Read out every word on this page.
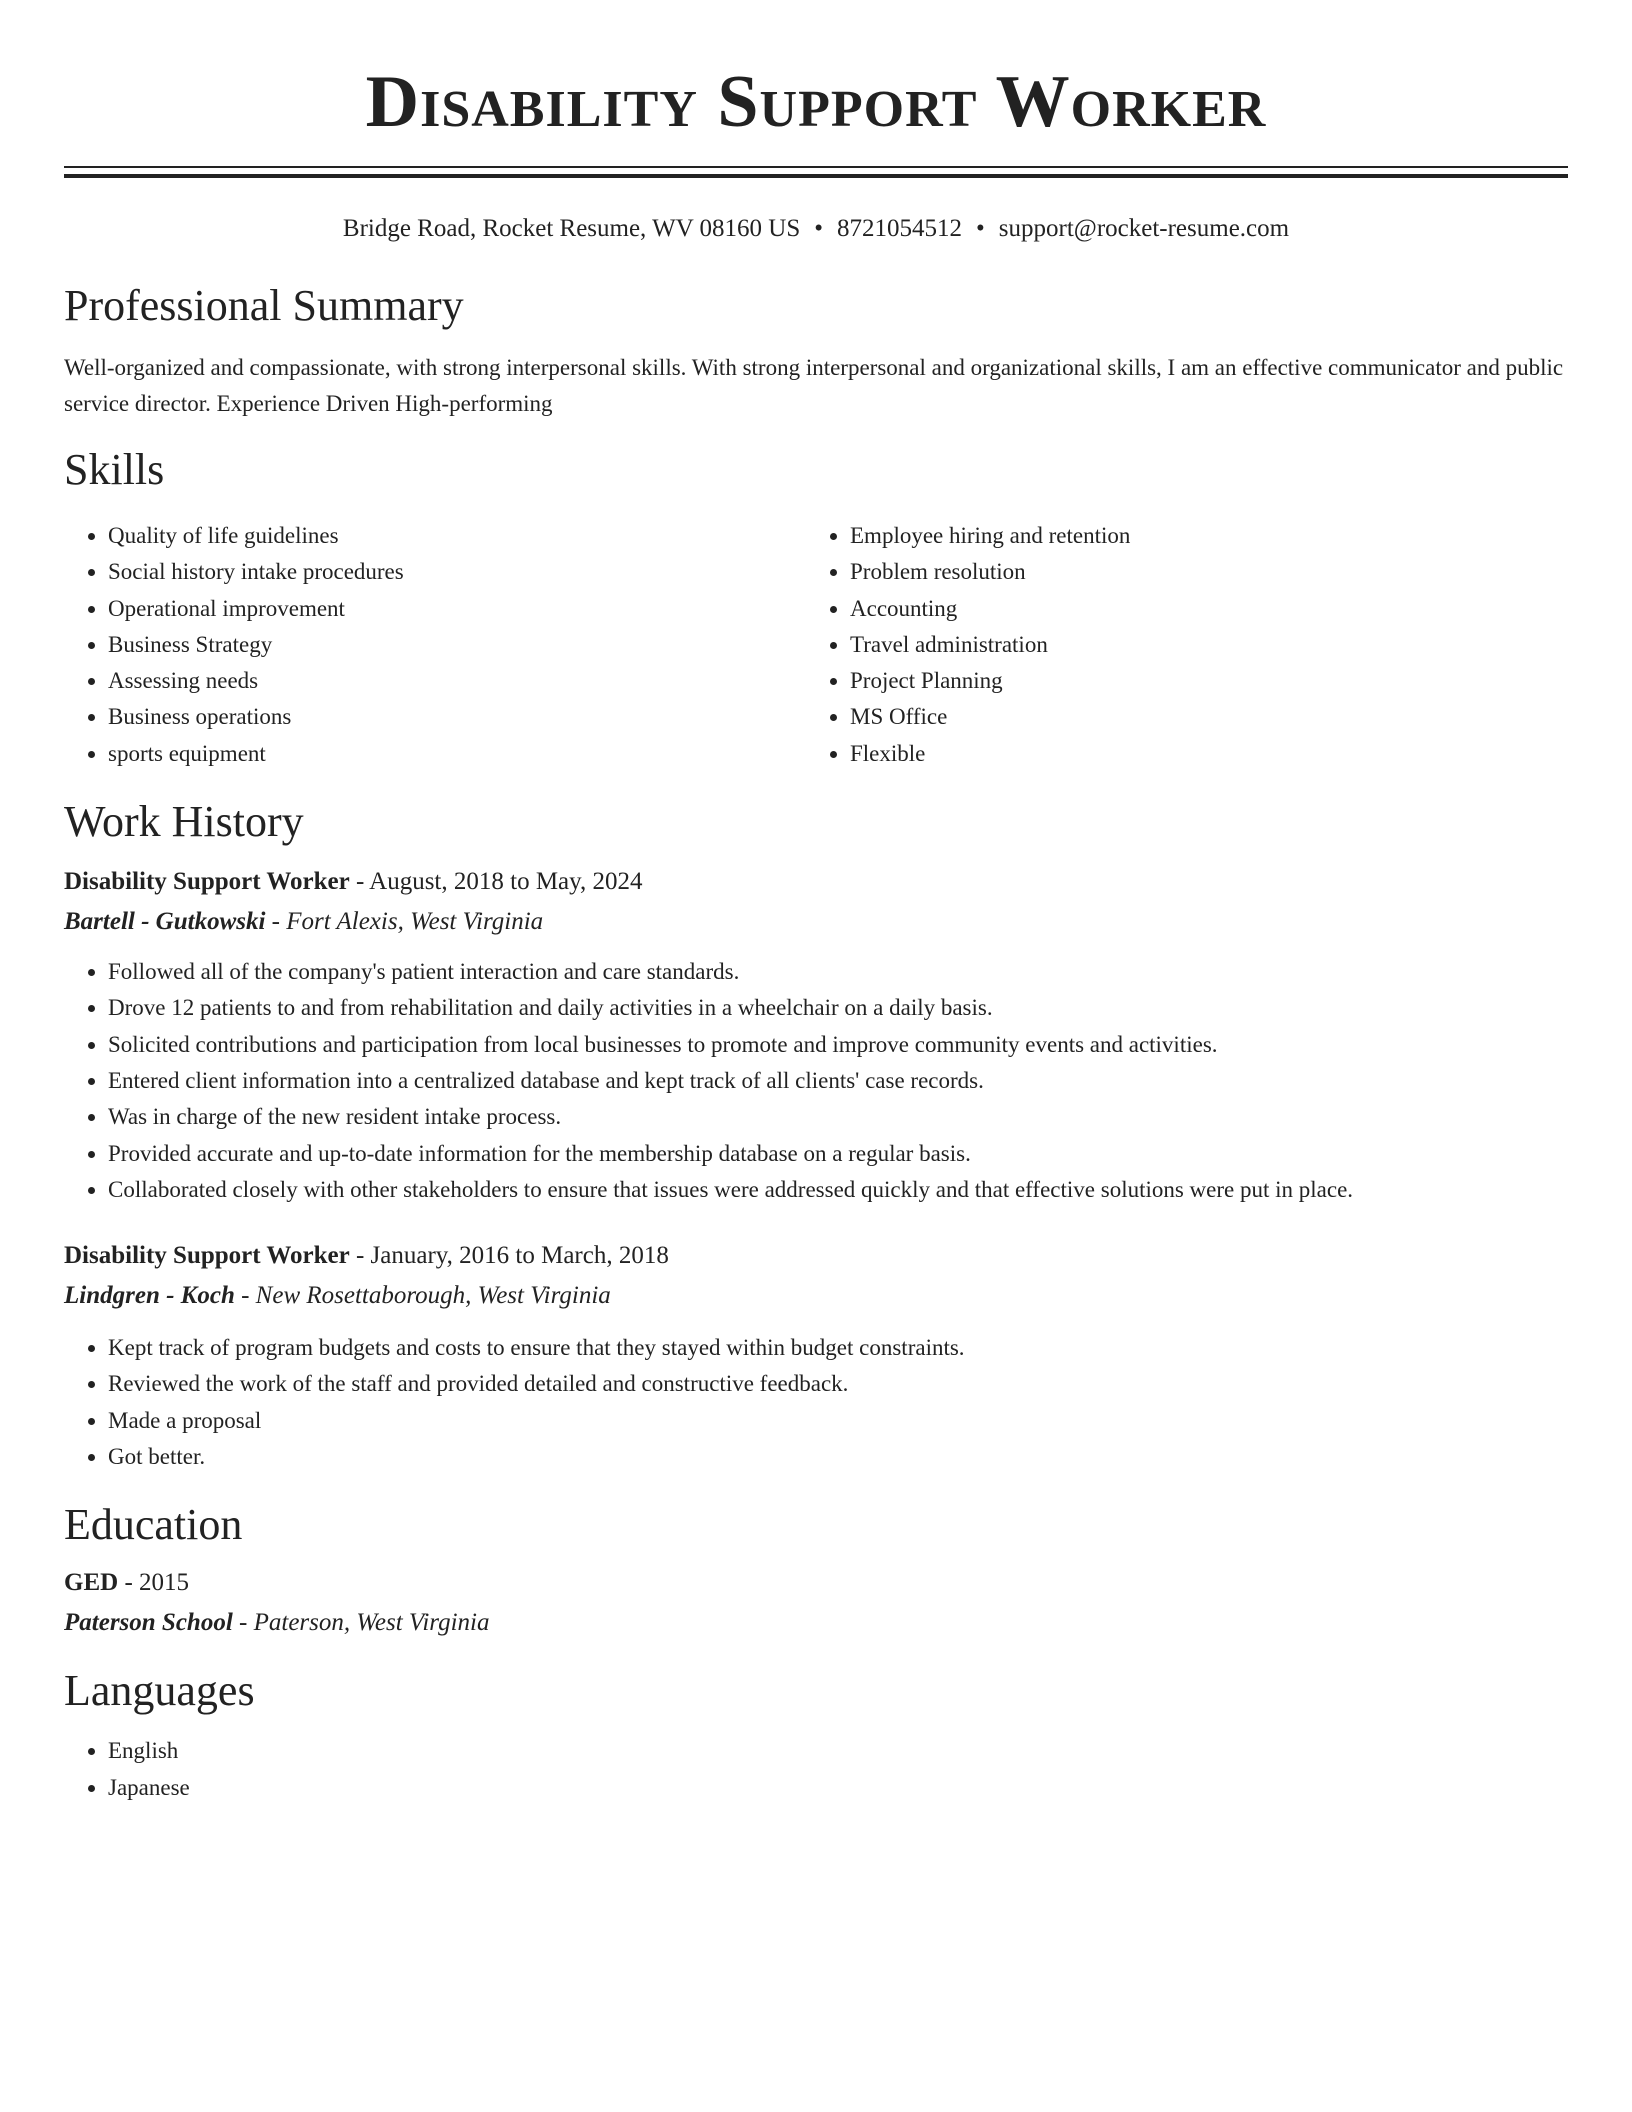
Disability Support Worker
Bridge Road, Rocket Resume, WV 08160 US • 8721054512 • support@rocket-resume.com
Professional Summary

Well-organized and compassionate, with strong interpersonal skills. With strong interpersonal and organizational skills, I am an effective communicator and public service director. Experience Driven High-performing

Skills
• Quality of life guidelines
• Social history intake procedures
• Operational improvement
• Business Strategy
• Assessing needs
• Business operations
• sports equipment
• Employee hiring and retention
• Problem resolution
• Accounting
• Travel administration
• Project Planning
• MS Office
• Flexible
Work History
Disability Support Worker - August, 2018 to May, 2024
Bartell - Gutkowski - Fort Alexis, West Virginia
• Followed all of the company's patient interaction and care standards.
• Drove 12 patients to and from rehabilitation and daily activities in a wheelchair on a daily basis.
• Solicited contributions and participation from local businesses to promote and improve community events and activities.
• Entered client information into a centralized database and kept track of all clients' case records.
• Was in charge of the new resident intake process.
• Provided accurate and up-to-date information for the membership database on a regular basis.
• Collaborated closely with other stakeholders to ensure that issues were addressed quickly and that effective solutions were put in place.
Disability Support Worker - January, 2016 to March, 2018
Lindgren - Koch - New Rosettaborough, West Virginia
• Kept track of program budgets and costs to ensure that they stayed within budget constraints.
• Reviewed the work of the staff and provided detailed and constructive feedback.
• Made a proposal
• Got better.
Education
GED - 2015
Paterson School - Paterson, West Virginia
Languages
• English
• Japanese
